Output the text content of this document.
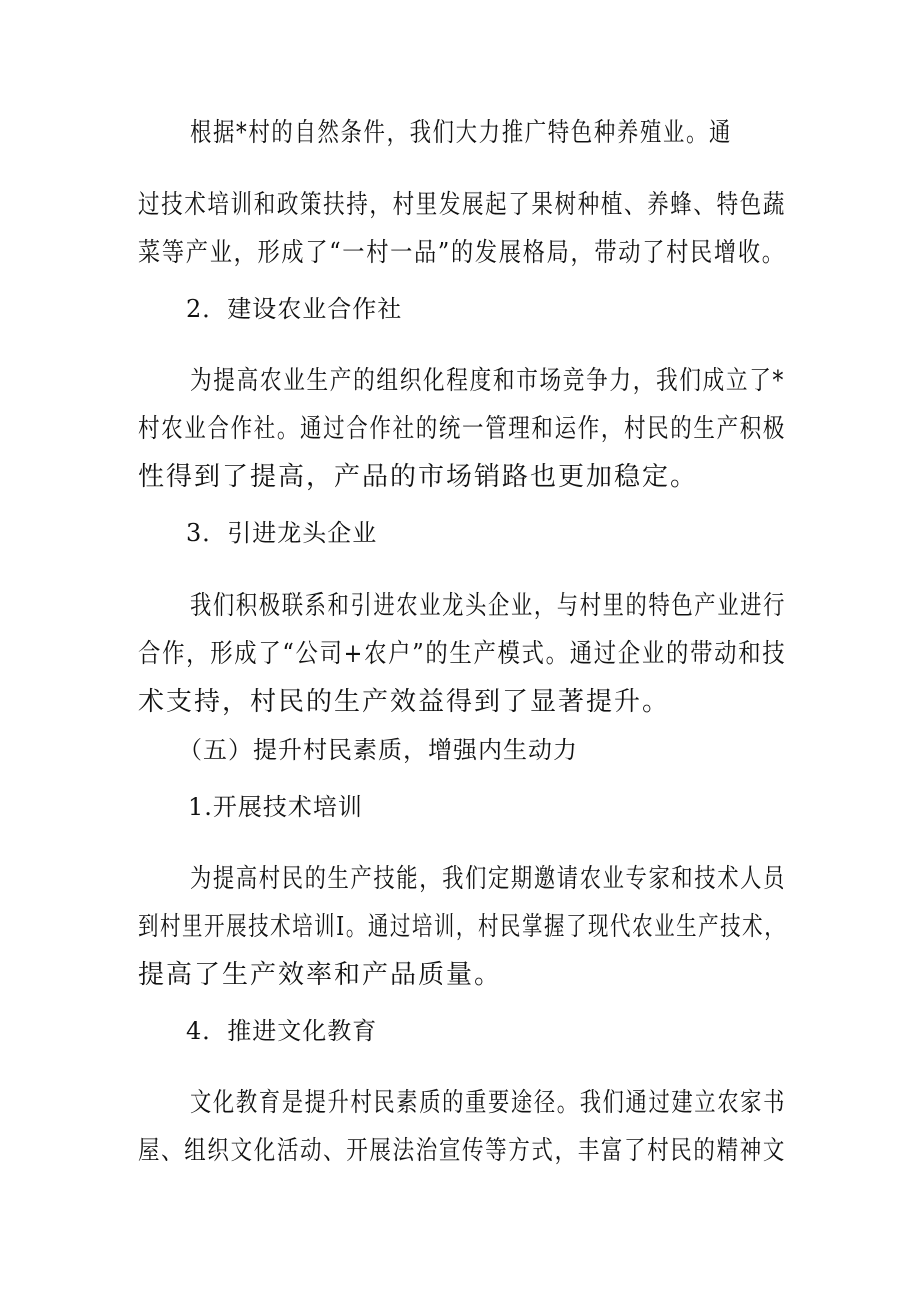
根据*村的自然条件，我们大力推广特色种养殖业。通
过技术培训和政策扶持，村里发展起了果树种植、养蜂、特色蔬
菜等产业，形成了“一村一品”的发展格局，带动了村民增收。
2．建设农业合作社
为提高农业生产的组织化程度和市场竞争力，我们成立了*
村农业合作社。通过合作社的统一管理和运作，村民的生产积极
性得到了提高，产品的市场销路也更加稳定。
3．引进龙头企业
我们积极联系和引进农业龙头企业，与村里的特色产业进行
合作，形成了“公司+农户”的生产模式。通过企业的带动和技
术支持，村民的生产效益得到了显著提升。
（五）提升村民素质，增强内生动力
1.开展技术培训
为提高村民的生产技能，我们定期邀请农业专家和技术人员
到村里开展技术培训I。通过培训，村民掌握了现代农业生产技术，
提高了生产效率和产品质量。
4．推进文化教育
文化教育是提升村民素质的重要途径。我们通过建立农家书
屋、组织文化活动、开展法治宣传等方式，丰富了村民的精神文
